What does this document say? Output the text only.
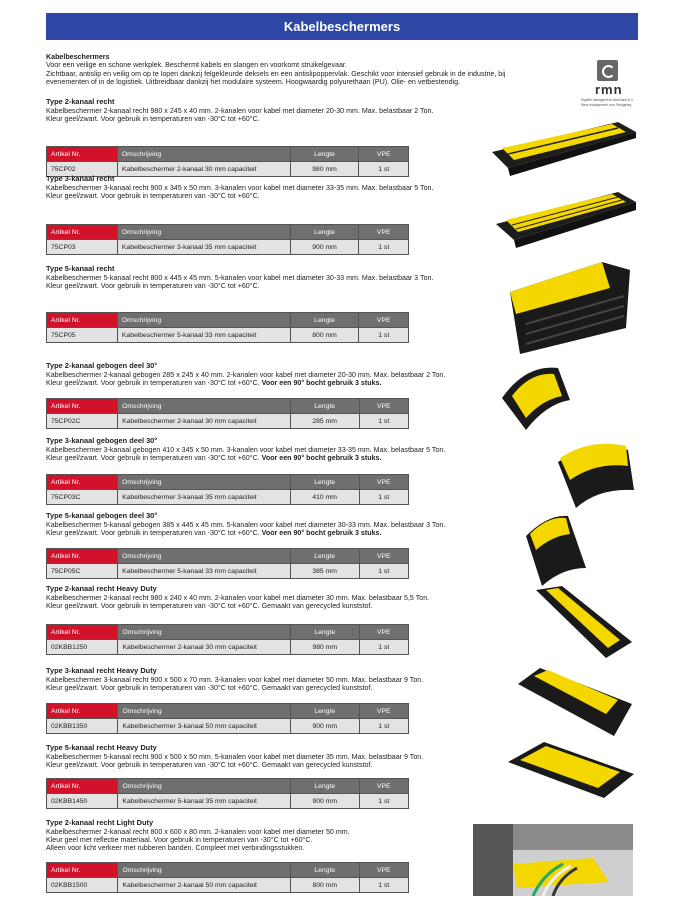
Kabelbeschermers
Kabelbeschermers
Voor een veilige en schone werkplek. Beschermt kabels en slangen en voorkomt struikelgevaar.
Zichtbaar, antislip en veilig om op te lopen dankzij felgekleurde deksels en een antislipoppervlak. Geschikt voor intensief gebruik in de industrie, bij
evenementen of in de logistiek. Uitbreidbaar dankzij het modulaire systeem. Hoogwaardig polyurethaan (PU). Olie- en vetbestendig.	rmn
Rigtaffe Management Nederland B.V.
Werk management voor Fieldgelieg
Type 2-kanaal recht
Kabelbeschermer 2-kanaal recht 980 x 245 x 40 mm. 2-kanalen voor kabel met diameter 20-30 mm. Max. belastbaar 2 Ton.
Kleur geel/zwart. Voor gebruik in temperaturen van -30°C tot +60°C.
Artikel Nr.	Omschrijving	Lengte	VPE
75CP02	Kabelbeschermer 2-kanaal 30 mm capaciteit	980 mm	1 st
Type 3-kanaal recht
Kabelbeschermer 3-kanaal recht 900 x 345 x 50 mm. 3-kanalen voor kabel met diameter 33-35 mm. Max. belastbaar 5 Ton.
Kleur geel/zwart. Voor gebruik in temperaturen van -30°C tot +60°C.
Artikel Nr.	Omschrijving	Lengte	VPE
75CP03	Kabelbeschermer 3-kanaal 35 mm capaciteit	900 mm	1 st
Type 5-kanaal recht
Kabelbeschermer 5-kanaal recht 800 x 445 x 45 mm. 5-kanalen voor kabel met diameter 30-33 mm. Max. belastbaar 3 Ton.
Kleur geel/zwart. Voor gebruik in temperaturen van -30°C tot +60°C.
Artikel Nr.	Omschrijving	Lengte	VPE
75CP05	Kabelbeschermer 5-kanaal 33 mm capaciteit	800 mm	1 st
Type 2-kanaal gebogen deel 30°
Kabelbeschermer 2-kanaal gebogen 285 x 245 x 40 mm. 2-kanalen voor kabel met diameter 20-30 mm. Max. belastbaar 2 Ton.
Kleur geel/zwart. Voor gebruik in temperaturen van -30°C tot +60°C. Voor een 90° bocht gebruik 3 stuks.
Artikel Nr.	Omschrijving	Lengte	VPE
75CP02C	Kabelbeschermer 2-kanaal 30 mm capaciteit	285 mm	1 st
Type 3-kanaal gebogen deel 30°
Kabelbeschermer 3-kanaal gebogen 410 x 345 x 50 mm. 3-kanalen voor kabel met diameter 33-35 mm. Max. belastbaar 5 Ton.
Kleur geel/zwart. Voor gebruik in temperaturen van -30°C tot +60°C. Voor een 90° bocht gebruik 3 stuks.
Artikel Nr.	Omschrijving	Lengte	VPE
75CP03C	Kabelbeschermer 3-kanaal 35 mm capaciteit	410 mm	1 st
Type 5-kanaal gebogen deel 30°
Kabelbeschermer 5-kanaal gebogen 385 x 445 x 45 mm. 5-kanalen voor kabel met diameter 30-33 mm. Max. belastbaar 3 Ton.
Kleur geel/zwart. Voor gebruik in temperaturen van -30°C tot +60°C. Voor een 90° bocht gebruik 3 stuks.
Artikel Nr.	Omschrijving	Lengte	VPE
75CP05C	Kabelbeschermer 5-kanaal 33 mm capaciteit	385 mm	1 st
Type 2-kanaal recht Heavy Duty
Kabelbeschermer 2-kanaal recht 980 x 240 x 40 mm. 2-kanalen voor kabel met diameter 30 mm. Max. belastbaar 5,5 Ton.
Kleur geel/zwart. Voor gebruik in temperaturen van -30°C tot +60°C. Gemaakt van gerecycled kunststof.
Artikel Nr.	Omschrijving	Lengte	VPE
02KBB1250	Kabelbeschermer 2-kanaal 30 mm capaciteit	980 mm	1 st
Type 3-kanaal recht Heavy Duty
Kabelbeschermer 3-kanaal recht 900 x 500 x 70 mm. 3-kanalen voor kabel met diameter 50 mm. Max. belastbaar 9 Ton.
Kleur geel/zwart. Voor gebruik in temperaturen van -30°C tot +60°C. Gemaakt van gerecycled kunststof.
Artikel Nr.	Omschrijving	Lengte	VPE
02KBB1350	Kabelbeschermer 3-kanaal 50 mm capaciteit	900 mm	1 st
Type 5-kanaal recht Heavy Duty
Kabelbeschermer 5-kanaal recht 900 x 500 x 50 mm. 5-kanalen voor kabel met diameter 35 mm. Max. belastbaar 9 Ton.
Kleur geel/zwart. Voor gebruik in temperaturen van -30°C tot +60°C. Gemaakt van gerecycled kunststof.
Artikel Nr.	Omschrijving	Lengte	VPE
02KBB1450	Kabelbeschermer 5-kanaal 35 mm capaciteit	900 mm	1 st
Type 2-kanaal recht Light Duty
Kabelbeschermer 2-kanaal recht 800 x 600 x 80 mm. 2-kanalen voor kabel met diameter 50 mm.
Kleur geel met reflectie materiaal. Voor gebruik in temperaturen van -30°C tot +60°C.
Alleen voor licht verkeer met rubberen banden. Compleet met verbindingsstukken.
Artikel Nr.	Omschrijving	Lengte	VPE
02KBB1500	Kabelbeschermer 2-kanaal 50 mm capaciteit	800 mm	1 st
